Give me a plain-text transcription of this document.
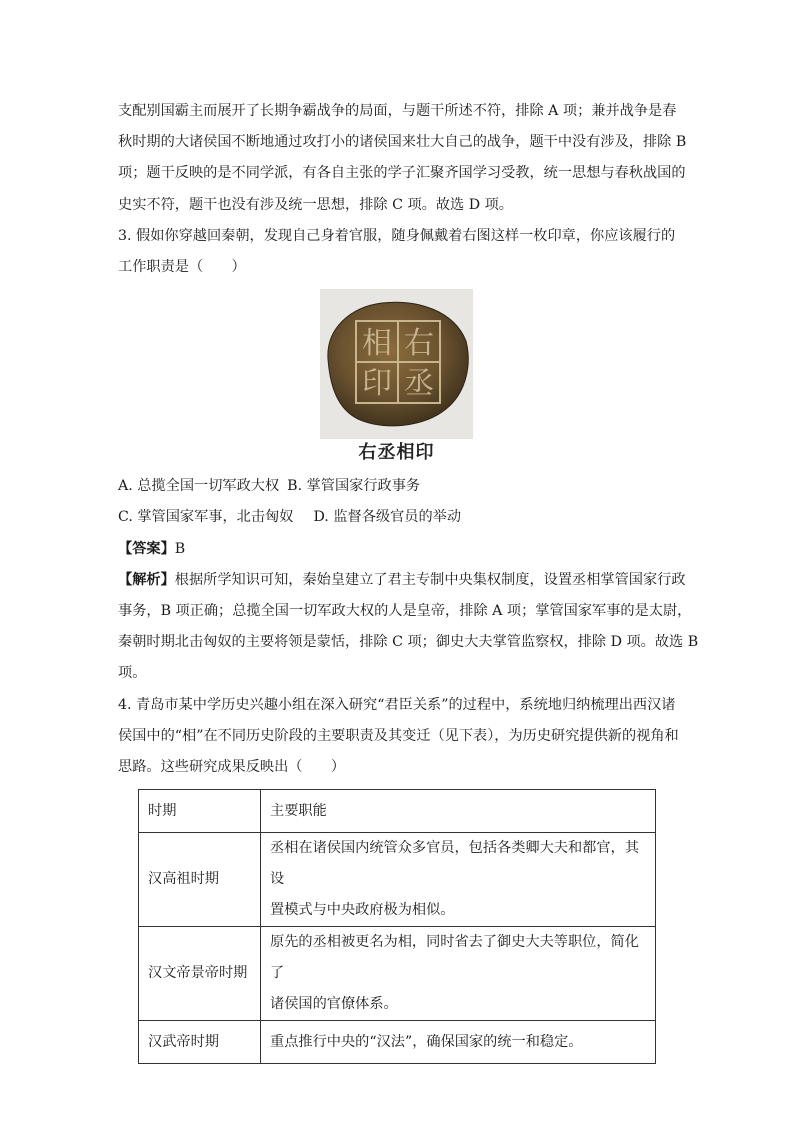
支配别国霸主而展开了长期争霸战争的局面，与题干所述不符，排除 A 项；兼并战争是春

秋时期的大诸侯国不断地通过攻打小的诸侯国来壮大自己的战争，题干中没有涉及，排除 B

项；题干反映的是不同学派，有各自主张的学子汇聚齐国学习受教，统一思想与春秋战国的

史实不符，题干也没有涉及统一思想，排除 C 项。故选 D 项。

3. 假如你穿越回秦朝，发现自己身着官服，随身佩戴着右图这样一枚印章，你应该履行的

工作职责是（　　）

右
丞
相
印
右丞相印
A. 总揽全国一切军政大权 B. 掌管国家行政事务
C. 掌管国家军事，北击匈奴 D. 监督各级官员的举动

【答案】B

【解析】根据所学知识可知，秦始皇建立了君主专制中央集权制度，设置丞相掌管国家行政

事务，B 项正确；总揽全国一切军政大权的人是皇帝，排除 A 项；掌管国家军事的是太尉，

秦朝时期北击匈奴的主要将领是蒙恬，排除 C 项；御史大夫掌管监察权，排除 D 项。故选 B

项。

4. 青岛市某中学历史兴趣小组在深入研究“君臣关系”的过程中，系统地归纳梳理出西汉诸

侯国中的“相”在不同历史阶段的主要职责及其变迁（见下表），为历史研究提供新的视角和

思路。这些研究成果反映出（　　）

时期	主要职能
汉高祖时期	丞相在诸侯国内统管众多官员，包括各类卿大夫和都官，其设
置模式与中央政府极为相似。

汉文帝景帝时期	原先的丞相被更名为相，同时省去了御史大夫等职位，简化了
诸侯国的官僚体系。

汉武帝时期	重点推行中央的“汉法”，确保国家的统一和稳定。
